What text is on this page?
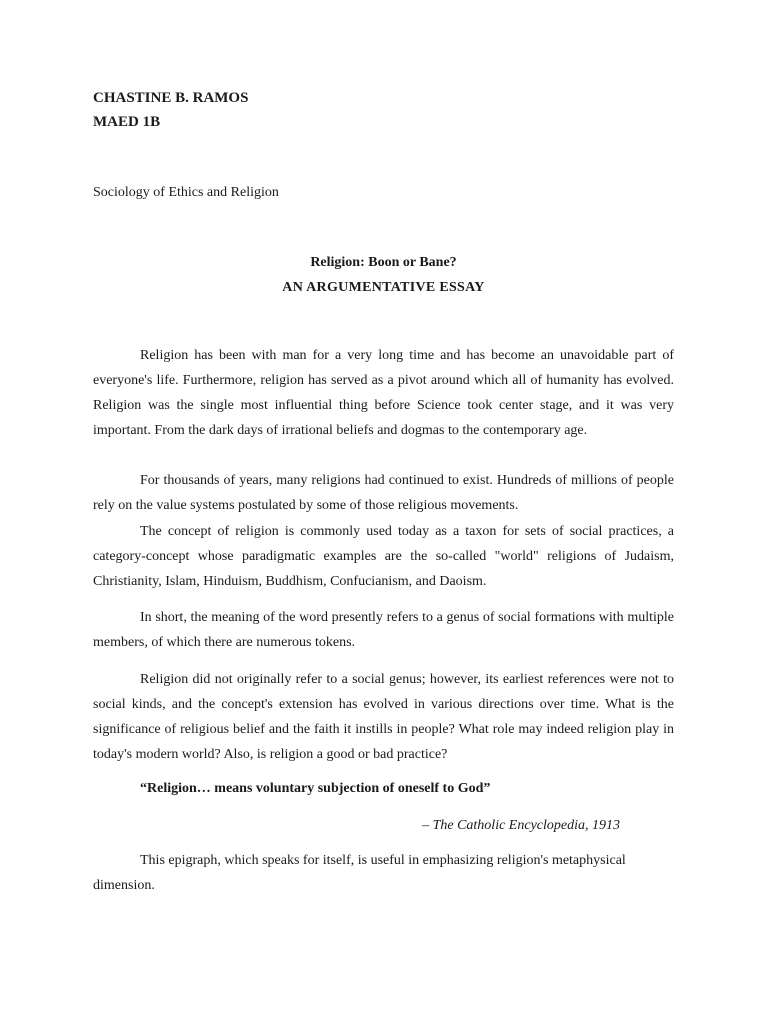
CHASTINE B. RAMOS
MAED 1B
Sociology of Ethics and Religion
Religion: Boon or Bane?
AN ARGUMENTATIVE ESSAY
Religion has been with man for a very long time and has become an unavoidable part of everyone's life. Furthermore, religion has served as a pivot around which all of humanity has evolved. Religion was the single most influential thing before Science took center stage, and it was very important. From the dark days of irrational beliefs and dogmas to the contemporary age.
For thousands of years, many religions had continued to exist. Hundreds of millions of people rely on the value systems postulated by some of those religious movements.
The concept of religion is commonly used today as a taxon for sets of social practices, a category-concept whose paradigmatic examples are the so-called "world" religions of Judaism, Christianity, Islam, Hinduism, Buddhism, Confucianism, and Daoism.
In short, the meaning of the word presently refers to a genus of social formations with multiple members, of which there are numerous tokens.
Religion did not originally refer to a social genus; however, its earliest references were not to social kinds, and the concept's extension has evolved in various directions over time. What is the significance of religious belief and the faith it instills in people? What role may indeed religion play in today's modern world? Also, is religion a good or bad practice?
“Religion… means voluntary subjection of oneself to God”
– The Catholic Encyclopedia, 1913
This epigraph, which speaks for itself, is useful in emphasizing religion's metaphysical dimension.
